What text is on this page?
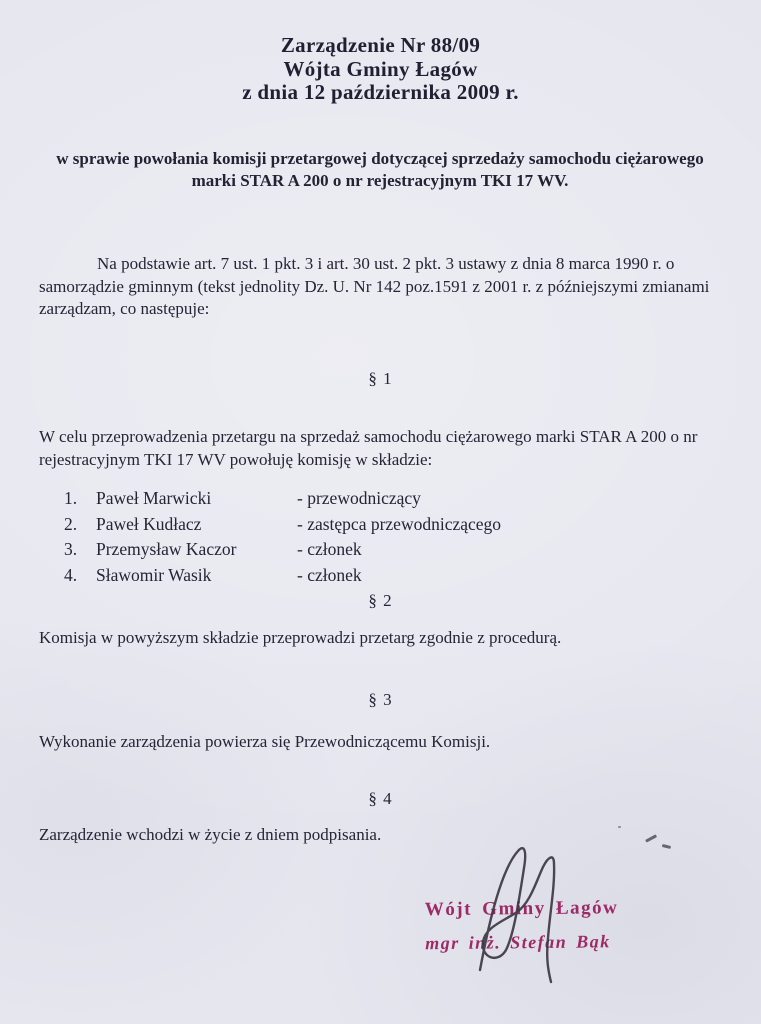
Zarządzenie Nr 88/09
Wójta Gminy Łagów
z dnia 12 października 2009 r.
w sprawie powołania komisji przetargowej dotyczącej sprzedaży samochodu ciężarowego marki STAR A 200 o nr rejestracyjnym TKI 17 WV.
Na podstawie art. 7 ust. 1 pkt. 3 i art. 30 ust. 2 pkt. 3 ustawy z dnia 8 marca 1990 r. o samorządzie gminnym (tekst jednolity Dz. U. Nr 142 poz.1591 z 2001 r. z późniejszymi zmianami zarządzam, co następuje:
§ 1
W celu przeprowadzenia przetargu na sprzedaż samochodu ciężarowego marki STAR A 200 o nr rejestracyjnym TKI 17 WV powołuję komisję w składzie:
1.	Paweł Marwicki	- przewodniczący
2.	Paweł Kudłacz	- zastępca przewodniczącego
3.	Przemysław Kaczor	- członek
4.	Sławomir Wasik	- członek
§ 2
Komisja w powyższym składzie przeprowadzi przetarg zgodnie z procedurą.
§ 3
Wykonanie zarządzenia powierza się Przewodniczącemu Komisji.
§ 4
Zarządzenie wchodzi w życie z dniem podpisania.
Wójt Gminy Łagów
mgr inż. Stefan Bąk
